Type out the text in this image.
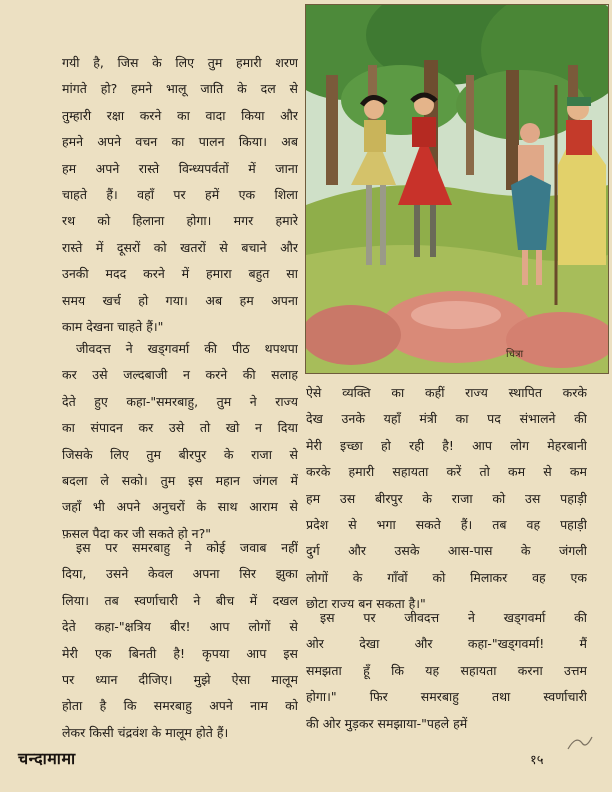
गयी है, जिस के लिए तुम हमारी शरण
मांगते हो? हमने भालू जाति के दल से
तुम्हारी रक्षा करने का वादा किया और
हमने अपने वचन का पालन किया। अब
हम अपने रास्ते विन्ध्यपर्वतों में जाना
चाहते हैं। वहाँ पर हमें एक शिला
रथ को हिलाना होगा। मगर हमारे
रास्ते में दूसरों को खतरों से बचाने और
उनकी मदद करने में हमारा बहुत सा
समय खर्च हो गया। अब हम अपना
काम देखना चाहते हैं।"
जीवदत्त ने खड्गवर्मा की पीठ थपथपा
कर उसे जल्दबाजी न करने की सलाह
देते हुए कहा-"समरबाहु, तुम ने राज्य
का संपादन कर उसे तो खो न दिया
जिसके लिए तुम बीरपुर के राजा से
बदला ले सको। तुम इस महान जंगल में
जहाँ भी अपने अनुचरों के साथ आराम से
फ़सल पैदा कर जी सकते हो न?"
इस पर समरबाहु ने कोई जवाब नहीं
दिया, उसने केवल अपना सिर झुका
लिया। तब स्वर्णाचारी ने बीच में दखल
देते कहा-"क्षत्रिय बीर! आप लोगों से
मेरी एक बिनती है! कृपया आप इस
पर ध्यान दीजिए। मुझे ऐसा मालूम
होता है कि समरबाहु अपने नाम को
लेकर किसी चंद्रवंश के मालूम होते हैं।
चित्रा
ऐसे व्यक्ति का कहीं राज्य स्थापित करके
देख उनके यहाँ मंत्री का पद संभालने की
मेरी इच्छा हो रही है! आप लोग मेहरबानी
करके हमारी सहायता करें तो कम से कम
हम उस बीरपुर के राजा को उस पहाड़ी
प्रदेश से भगा सकते हैं। तब वह पहाड़ी
दुर्ग और उसके आस-पास के जंगली
लोगों के गाँवों को मिलाकर वह एक
छोटा राज्य बन सकता है।"
इस पर जीवदत्त ने खड्गवर्मा की
ओर देखा और कहा-"खड्गवर्मा! मैं
समझता हूँ कि यह सहायता करना उत्तम
होगा।" फिर समरबाहु तथा स्वर्णाचारी
की ओर मुड़कर समझाया-"पहले हमें
चन्दामामा	१५
